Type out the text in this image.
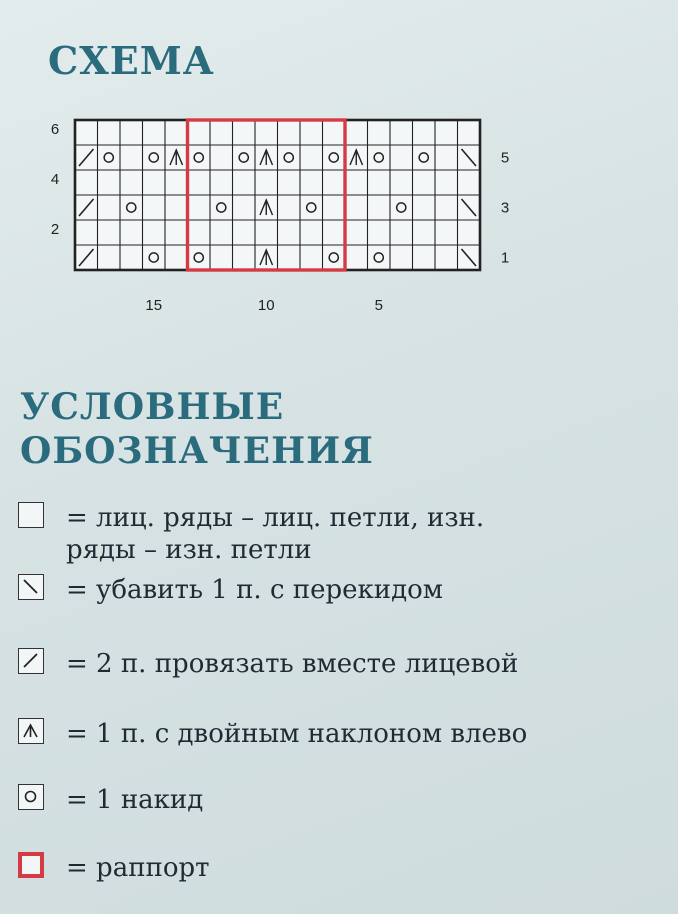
СХЕМА
6
4
2
5
3
1
15	10	5
УСЛОВНЫЕ
ОБОЗНАЧЕНИЯ
= лиц. ряды – лиц. петли, изн.
ряды – изн. петли
= убавить 1 п. с перекидом
= 2 п. провязать вместе лицевой
= 1 п. с двойным наклоном влево
= 1 накид
= раппорт
